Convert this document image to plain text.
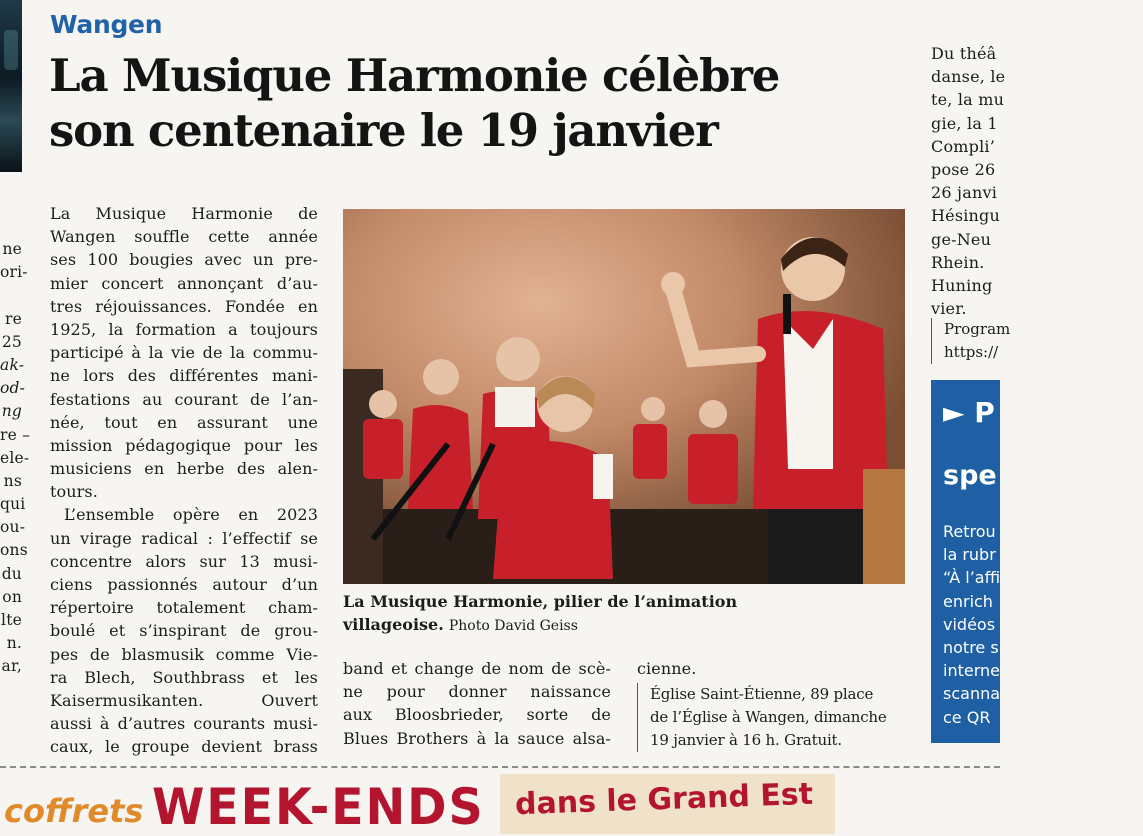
ne
ori-
re
25
ak-
od-
ng
re –
ele-
ns
qui
ou-
ons
du
on
lte
n.
ar,
Wangen
La Musique Harmonie célèbre
son centenaire le 19 janvier
La Musique Harmonie de
Wangen souffle cette année
ses 100 bougies avec un pre-
mier concert annonçant d’au-
tres réjouissances. Fondée en
1925, la formation a toujours
participé à la vie de la commu-
ne lors des différentes mani-
festations au courant de l’an-
née, tout en assurant une
mission pédagogique pour les
musiciens en herbe des alen-
tours.
L’ensemble opère en 2023
un virage radical : l’effectif se
concentre alors sur 13 musi-
ciens passionnés autour d’un
répertoire totalement cham-
boulé et s’inspirant de grou-
pes de blasmusik comme Vie-
ra Blech, Southbrass et les
Kaisermusikanten. Ouvert
aussi à d’autres courants musi-
caux, le groupe devient brass
La Musique Harmonie, pilier de l’animation
villageoise. Photo David Geiss
band et change de nom de scè-
ne pour donner naissance
aux Bloosbrieder, sorte de
Blues Brothers à la sauce alsa-
cienne.
Église Saint-Étienne, 89 place
de l’Église à Wangen, dimanche
19 janvier à 16 h. Gratuit.
Du théâ
danse, le
te, la mu
gie, la 1
Compli’
pose 26
26 janvi
Hésingu
ge-Neu
Rhein.
Huning
vier.
Program
https://
► P
spe
Retrou
la rubr
“À l’affi
enrich
vidéos
notre s
interne
scanna
ce QR
coffrets WEEK-ENDS dans le Grand Est
